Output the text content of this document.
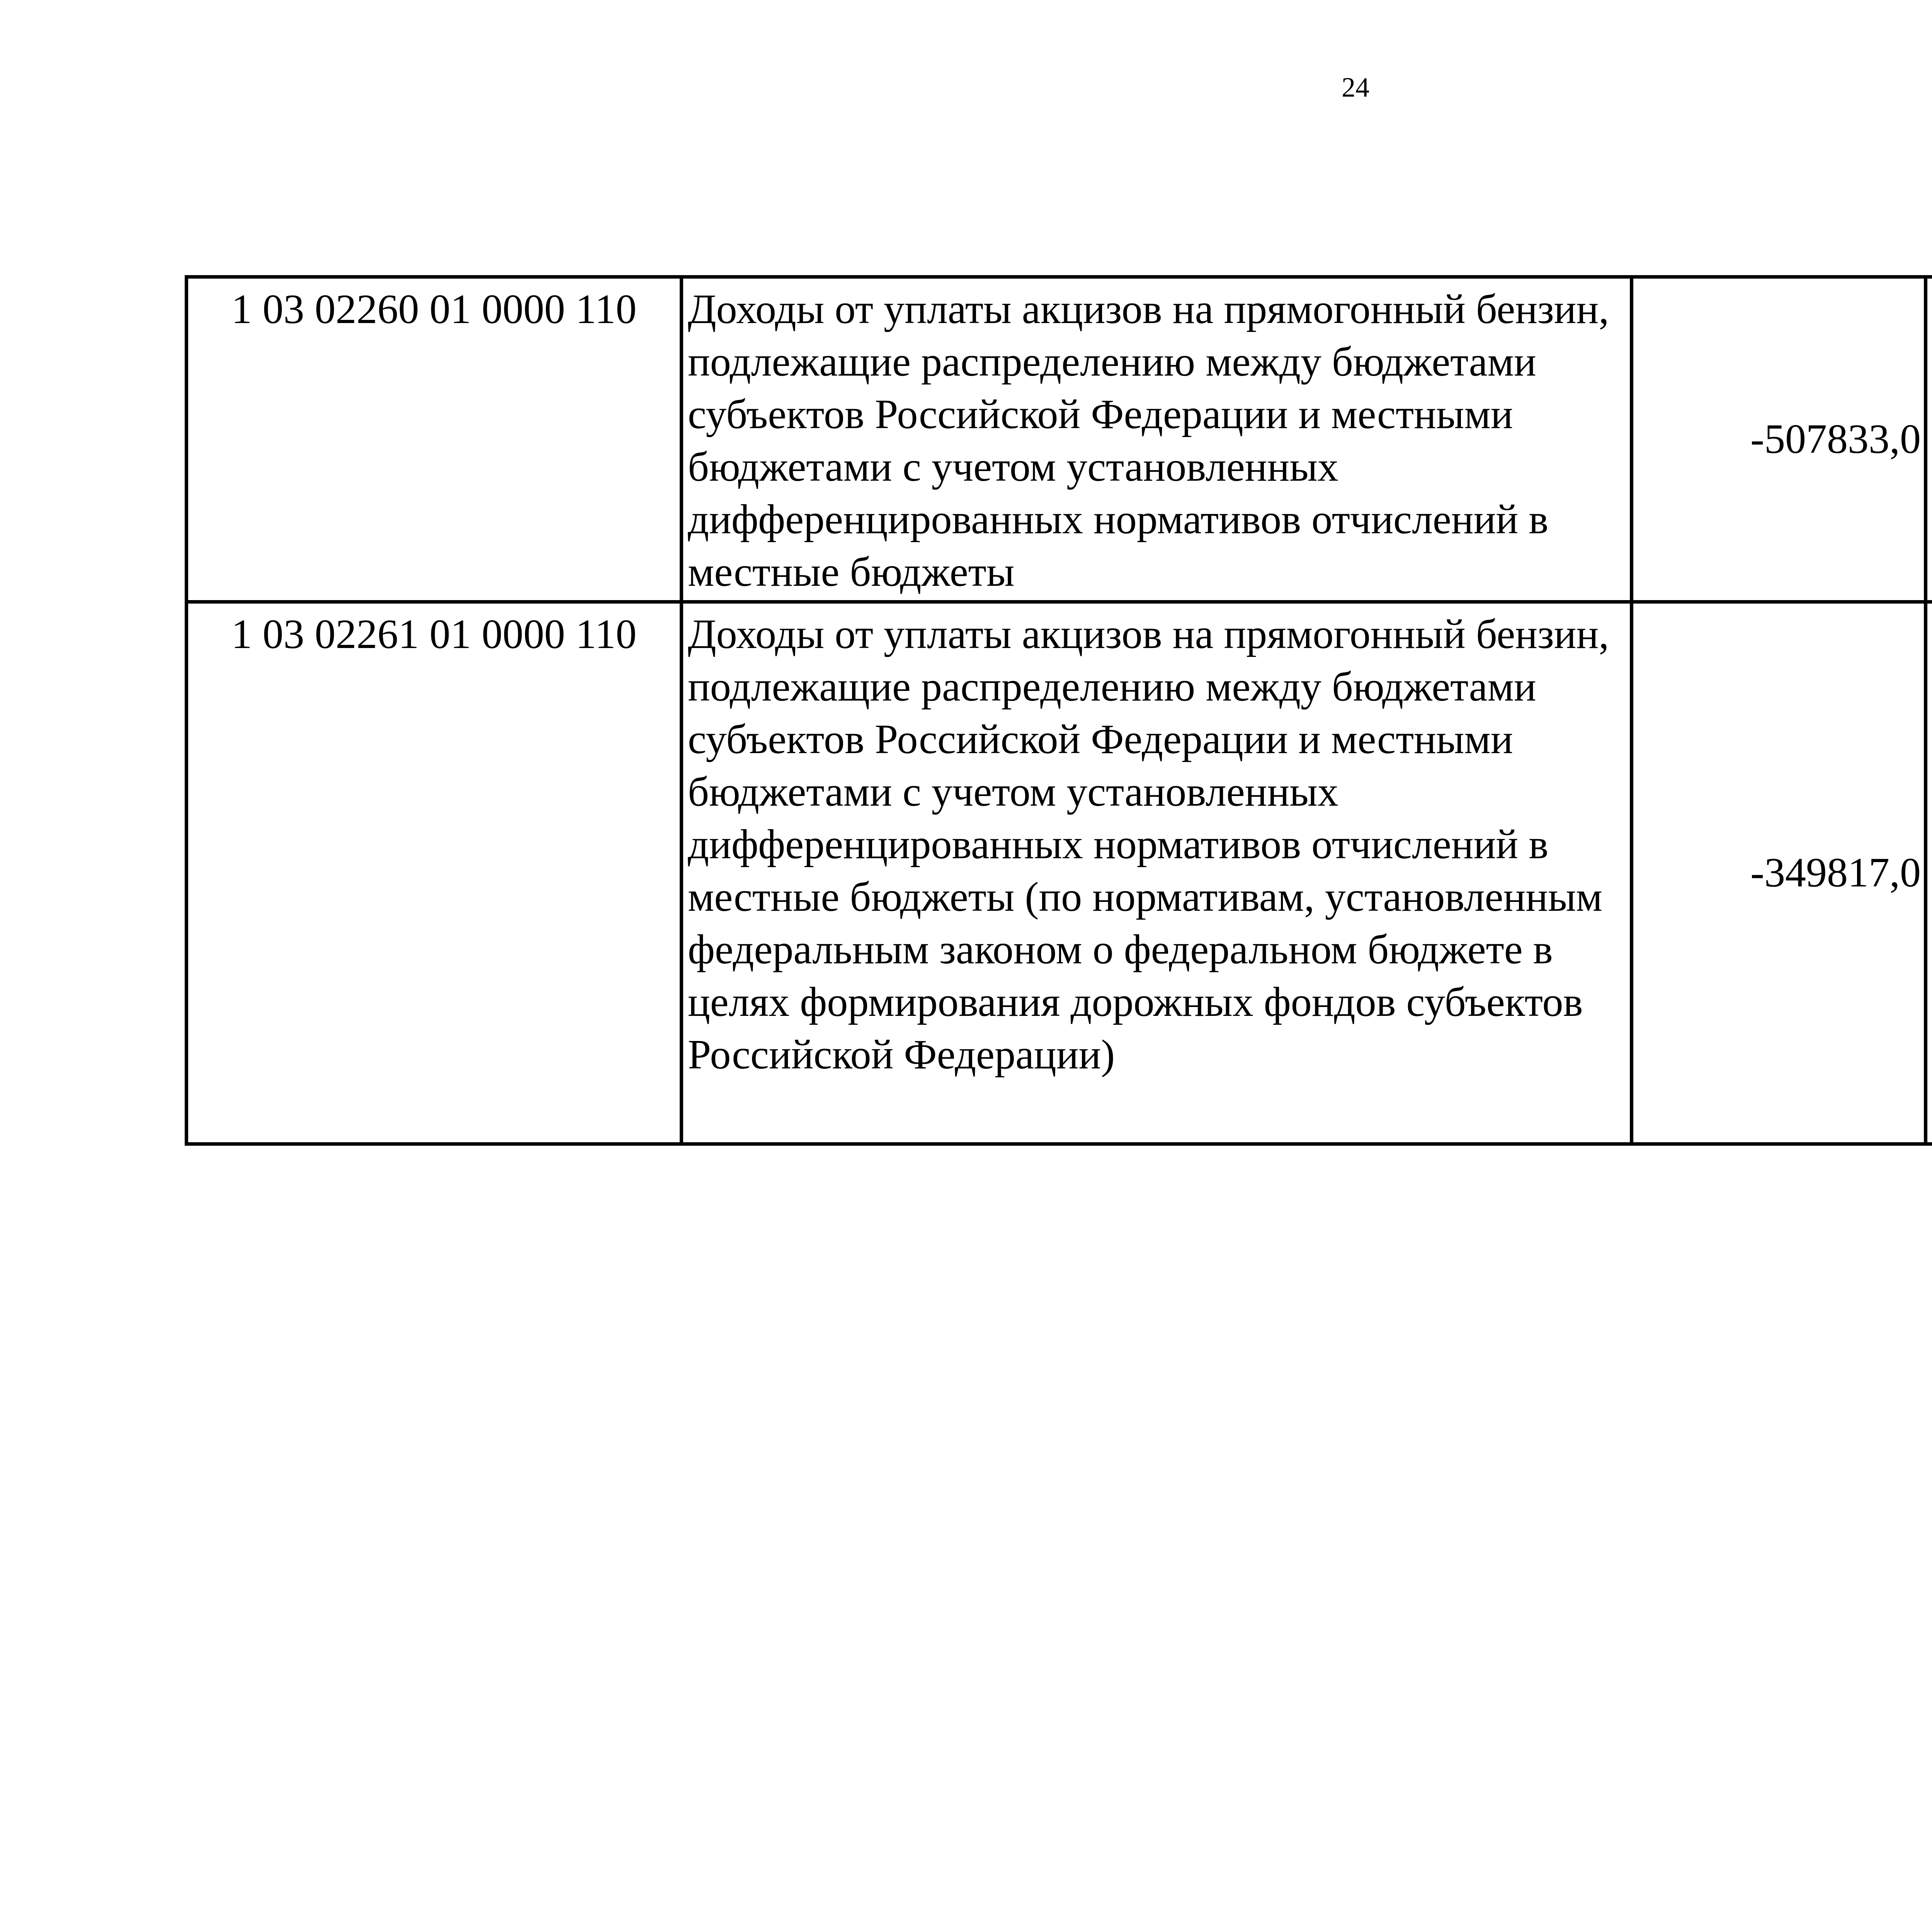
24
1 03 02260 01 0000 110	Доходы от уплаты акцизов на прямогонный бензин, подлежащие распределению между бюджетами субъектов Российской Федерации и местными бюджетами с учетом установленных дифференцированных нормативов отчислений в местные бюджеты	-507833,0		
1 03 02261 01 0000 110	Доходы от уплаты акцизов на прямогонный бензин, подлежащие распределению между бюджетами субъектов Российской Федерации и местными бюджетами с учетом установленных дифференцированных нормативов отчислений в местные бюджеты (по нормативам, установленным федеральным законом о федеральном бюджете в целях формирования дорожных фондов субъектов Российской Федерации)	-349817,0		
